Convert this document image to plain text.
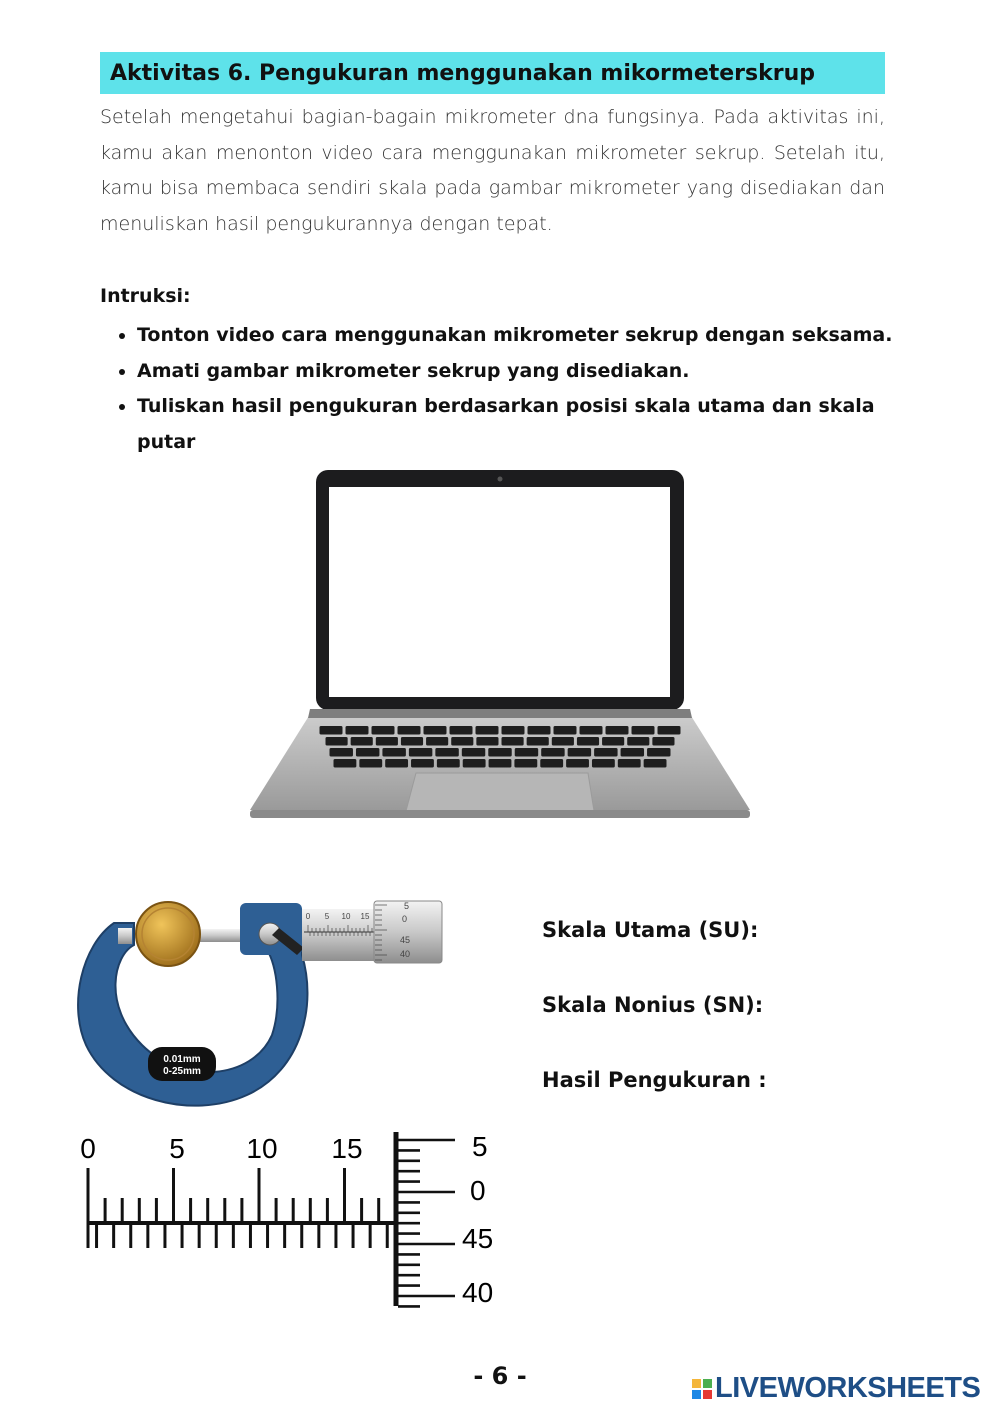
Aktivitas 6. Pengukuran menggunakan mikormeterskrup

Setelah mengetahui bagian-bagain mikrometer dna fungsinya. Pada aktivitas ini, kamu akan menonton video cara menggunakan mikrometer sekrup. Setelah itu, kamu bisa membaca sendiri skala pada gambar mikrometer yang disediakan dan menuliskan hasil pengukurannya dengan tepat.

Intruksi:
• Tonton video cara menggunakan mikrometer sekrup dengan seksama.
• Amati gambar mikrometer sekrup yang disediakan.
• Tuliskan hasil pengukuran berdasarkan posisi skala utama dan skala putar
0 5 10 15
5
0
45
40
0.01mm
0-25mm
0	5 10 15	5
0
45
40
Skala Utama (SU):
Skala Nonius (SN):
Hasil Pengukuran :
- 6 -	LIVEWORKSHEETS
